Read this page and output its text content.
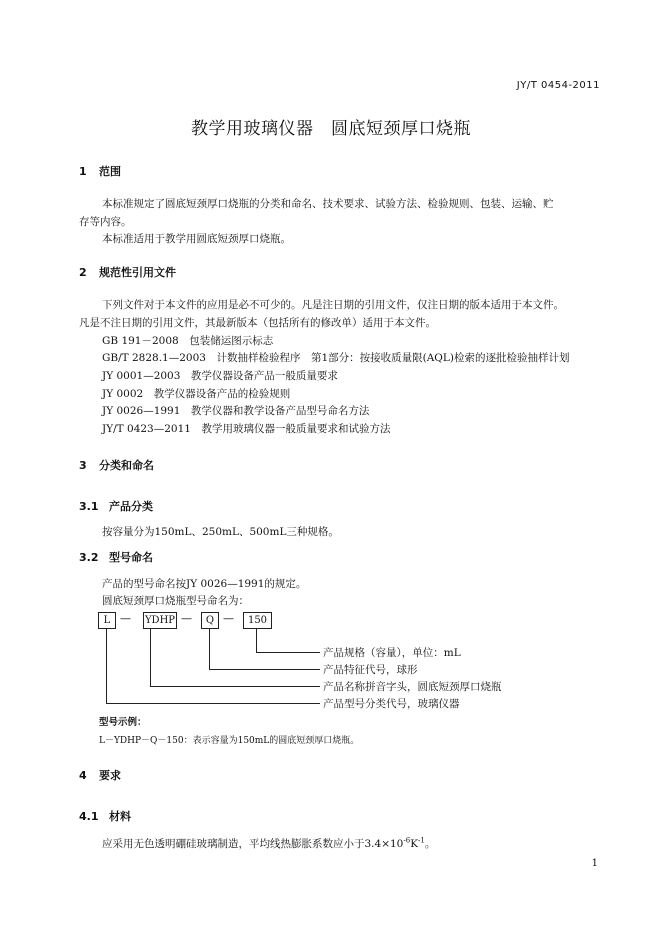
JY/T 0454-2011
教学用玻璃仪器　圆底短颈厚口烧瓶
1 范围
本标准规定了圆底短颈厚口烧瓶的分类和命名、技术要求、试验方法、检验规则、包装、运输、贮
存等内容。
本标准适用于教学用圆底短颈厚口烧瓶。
2 规范性引用文件
下列文件对于本文件的应用是必不可少的。凡是注日期的引用文件，仅注日期的版本适用于本文件。
凡是不注日期的引用文件，其最新版本（包括所有的修改单）适用于本文件。
GB 191－2008　包装储运图示标志
GB/T 2828.1—2003　计数抽样检验程序　第1部分：按接收质量限(AQL)检索的逐批检验抽样计划
JY 0001—2003　教学仪器设备产品一般质量要求
JY 0002　教学仪器设备产品的检验规则
JY 0026—1991　教学仪器和教学设备产品型号命名方法
JY/T 0423—2011　教学用玻璃仪器一般质量要求和试验方法
3 分类和命名
3.1 产品分类
按容量分为150mL、250mL、500mL三种规格。
3.2 型号命名
产品的型号命名按JY 0026—1991的规定。
圆底短颈厚口烧瓶型号命名为：
L — YDHP —	Q —	150
产品规格（容量），单位：mL
产品特征代号，球形
产品名称拼音字头，圆底短颈厚口烧瓶
产品型号分类代号，玻璃仪器
型号示例：
L－YDHP－Q－150：表示容量为150mL的圆底短颈厚口烧瓶。
4 要求
4.1 材料
应采用无色透明硼硅玻璃制造，平均线热膨胀系数应小于$3.4\times 10^{-6}K^{-1}$。
1
